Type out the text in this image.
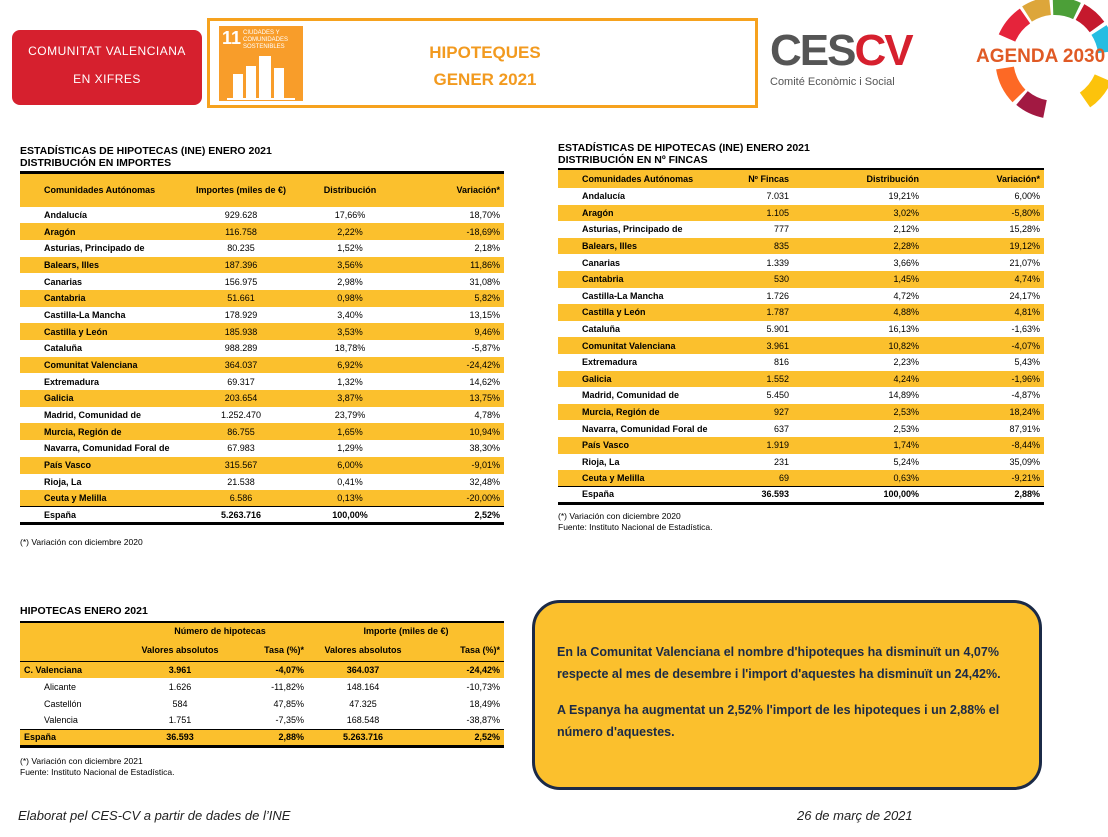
COMUNITAT VALENCIANA
EN XIFRES
11 CIUDADES Y COMUNIDADES SOSTENIBLES	HIPOTEQUES
GENER 2021
CESCV
Comité Econòmic i Social
AGENDA 2030
ESTADÍSTICAS DE HIPOTECAS (INE) ENERO 2021
DISTRIBUCIÓN EN IMPORTES
Comunidades Autónomas	Importes (miles de €)	Distribución	Variación*
Andalucía	929.628	17,66%	18,70%
Aragón	116.758	2,22%	-18,69%
Asturias, Principado de	80.235	1,52%	2,18%
Balears, Illes	187.396	3,56%	11,86%
Canarias	156.975	2,98%	31,08%
Cantabria	51.661	0,98%	5,82%
Castilla-La Mancha	178.929	3,40%	13,15%
Castilla y León	185.938	3,53%	9,46%
Cataluña	988.289	18,78%	-5,87%
Comunitat Valenciana	364.037	6,92%	-24,42%
Extremadura	69.317	1,32%	14,62%
Galicia	203.654	3,87%	13,75%
Madrid, Comunidad de	1.252.470	23,79%	4,78%
Murcia, Región de	86.755	1,65%	10,94%
Navarra, Comunidad Foral de	67.983	1,29%	38,30%
País Vasco	315.567	6,00%	-9,01%
Rioja, La	21.538	0,41%	32,48%
Ceuta y Melilla	6.586	0,13%	-20,00%
España	5.263.716	100,00%	2,52%
(*) Variación con diciembre 2020
ESTADÍSTICAS DE HIPOTECAS (INE) ENERO 2021
DISTRIBUCIÓN EN Nº FINCAS
Comunidades Autónomas	Nº Fincas	Distribución	Variación*
Andalucía	7.031	19,21%	6,00%
Aragón	1.105	3,02%	-5,80%
Asturias, Principado de	777	2,12%	15,28%
Balears, Illes	835	2,28%	19,12%
Canarias	1.339	3,66%	21,07%
Cantabria	530	1,45%	4,74%
Castilla-La Mancha	1.726	4,72%	24,17%
Castilla y León	1.787	4,88%	4,81%
Cataluña	5.901	16,13%	-1,63%
Comunitat Valenciana	3.961	10,82%	-4,07%
Extremadura	816	2,23%	5,43%
Galicia	1.552	4,24%	-1,96%
Madrid, Comunidad de	5.450	14,89%	-4,87%
Murcia, Región de	927	2,53%	18,24%
Navarra, Comunidad Foral de	637	2,53%	87,91%
País Vasco	1.919	1,74%	-8,44%
Rioja, La	231	5,24%	35,09%
Ceuta y Melilla	69	0,63%	-9,21%
España	36.593	100,00%	2,88%
(*) Variación con diciembre 2020
Fuente: Instituto Nacional de Estadística.
HIPOTECAS ENERO 2021
	Número de hipotecas		Importe (miles de €)	
	Valores absolutos	Tasa (%)*	Valores absolutos	Tasa (%)*
C. Valenciana	3.961	-4,07%	364.037	-24,42%
Alicante	1.626	-11,82%	148.164	-10,73%
Castellón	584	47,85%	47.325	18,49%
Valencia	1.751	-7,35%	168.548	-38,87%
España	36.593	2,88%	5.263.716	2,52%
(*) Variación con diciembre 2021
Fuente: Instituto Nacional de Estadística.

En la Comunitat Valenciana el nombre d'hipoteques ha disminuït un 4,07% respecte al mes de desembre i l'import d'aquestes ha disminuït un 24,42%.

A Espanya ha augmentat un 2,52% l'import de les hipoteques i un 2,88% el número d'aquestes.

Elaborat pel CES-CV a partir de dades de l’INE	26 de març de 2021
